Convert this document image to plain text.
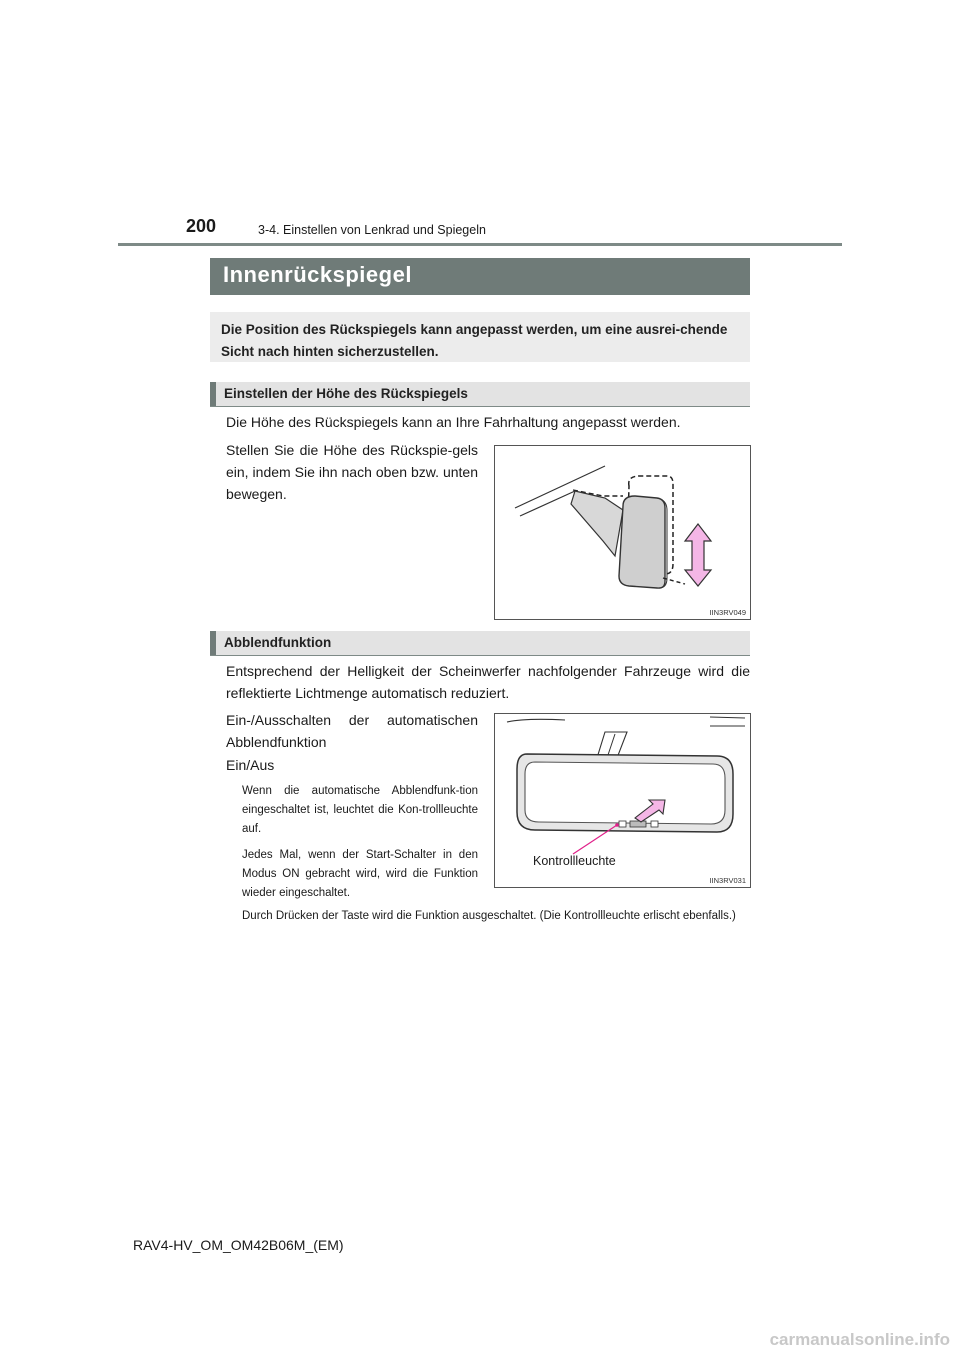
200	3-4. Einstellen von Lenkrad und Spiegeln
Innenrückspiegel
Die Position des Rückspiegels kann angepasst werden, um eine ausrei-chende Sicht nach hinten sicherzustellen.
Einstellen der Höhe des Rückspiegels
Die Höhe des Rückspiegels kann an Ihre Fahrhaltung angepasst werden.
Stellen Sie die Höhe des Rückspie-gels ein, indem Sie ihn nach oben bzw. unten bewegen.
IIN3RV049
Abblendfunktion
Entsprechend der Helligkeit der Scheinwerfer nachfolgender Fahrzeuge wird die reflektierte Lichtmenge automatisch reduziert.
Ein-/Ausschalten der automatischen Abblendfunktion
Ein/Aus
Wenn die automatische Abblendfunk-tion eingeschaltet ist, leuchtet die Kon-trollleuchte auf.
Jedes Mal, wenn der Start-Schalter in den Modus ON gebracht wird, wird die Funktion wieder eingeschaltet.
Durch Drücken der Taste wird die Funktion ausgeschaltet. (Die Kontrollleuchte erlischt ebenfalls.)
Kontrollleuchte
IIN3RV031
RAV4-HV_OM_OM42B06M_(EM)
carmanualsonline.info
